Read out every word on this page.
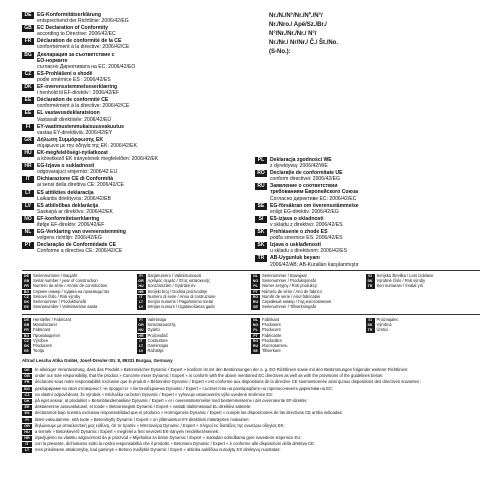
DE	EG-Konformitätserklärung
entsprechend der Richtlinie: 2006/42/EG
GB	EC Declaration of Conformity
according to Directive: 2006/42/EC
FR	Déclaration de conformité de la CE
conformément à la directive: 2006/42/CE
BG	Декларация за съответствие с
ЕО-нормите
съгласно Директивата на ЕС: 2006/42/EO
CZ	ES-Prohlášení o shodě
podle směrnice ES : 2006/42/ES
DK	EF-overensstemmelseserklæring
i henhold til EF-direktiv : 2006/42/EF
EE	Déclaration de conformité CE
conformément à la directive: 2006/42/CE
EE	EL vastavusdeklaratsioon
Vastavalt direktiivile: 2006/42/EÜ
FI	EY-vaatimustenmukaisuusvakuutus
vastaa EY-direktiiviä: 2006/42/EY
GR	Δήλωση Συμμόρφωσης ΕΚ
σύμφωνα με την οδηγία της ΕΚ: 2006/42/ΕΚ
HU	EK-megfelelőségi-nyilatkozat
a következő EK irányelvnek megfelelően: 2006/42/EK
HR	EG-Izjava o sukladnosti
odgovarajući smjernici: 2006/42 EU
IT	Dichiarazione CE di Conformità
ai sensi della direttiva CE: 2006/42/CE
LT	ES atitikties deklaracija
Laikantis direktyvos: 2006/42/EB
LV	ES atbilstības deklarācija
Saskaņā ar direktīvu: 2006/42/EK
NO	EF-konformitetserklæring
ifølge EF-direktiv: 2006/42/EF
NL	EG-Verklaring van overeenstemming
volgens richtlijn: 2006/42/EG
PT	Declaração de Conformidade CE
Conforme a directiva CE: 2006/42/CE
PL	Deklaracja zgodności WE
z dyrektywą: 2006/42/WE
RO	Declarație de conformitate UE
conform directivei: 2006/42/EG
RU	Заявление о соответствии
требованиям Европейского Союза
Согласно директиве ЕС: 2006/42/EC
SE	EG-försäkran om överensstämmelse
enligt EG-direktiv: 2006/42/EG
SI	ES-izjava o skladnosti
v skladu z direktivo: 2006/42/ES
SK	Prehlásenie o zhode ES
podľa smernice ES: 2006/42/ES
SK	Izjava o usklađenosti
u skladu s direktivom: 2006/42/ES
TR	AB-Uygunluk beyanı
2006/42/AB: AB-Kuralları karşılanmıştır
Nr./N./N°/Nr./Nº./N°/
Nr./Nro./ Apё/Sz./Br./
N°/Nr./Nr./Nr./ N°/
Nr./Nr./ Nr/Nr./ Č./ Št./No.
(S-No.):
DE Seriennummer / Baujahr	FI	Sarjanumero / Valmistusvuosi	NL	Serienummer / Bouwjaar	SI	Serijska številka / Leto izdelave
GB Serial number / year of construction	GR Αριθμός σειράς / Έτος κατασκευής	NO Serienummer / Produksjonsår	SK Výrobné číslo / Rok výroby
FR	Numéro de série / Année de construction	HU Sorozatszám / Gyártási év	PL	Numer seryjny / Rok produkcji	TR	Seri numarası / İmalat yılı
BG Сериен номер / година на производство	HR Serijski broj / Godina proizvodnje	PT	Número de série / Ano de fabrico
CZ	Sériové číslo / Rok výroby	IT	Numero di serie / Anno di costruzione	RO Număr de serie / Anul fabricației
DK Serienummer / Produktionsår	LT	Serijos numeris / Pagaminimo metai	RU Серийный номер / Год изготовления
EE	Seerianumber / Valmistamise aasta	LV	Sērijas numurs / Izgatavošanas gads	SE	Serienummer / Tillverkningsår
DE Hersteller / Fabricant	FI	Valmistaja	NL	Fabrikant	SI	Proizvajalec
GB Manufacturer	GR Κατασκευαστής	NO Produsent	SK Výrobca
FR	Fabricant	HU Gyártó	PL	Producent	TR	Üretici
BG Производител	HR Proizvođač	PT	Fabricante
CZ	Výrobce	IT	Costruttore	RO Producător
DK Producent	LT	Gamintojas	RU Изготовитель
EE	Tootja	LV	Ražotājs	SE	Tillverkare
Altrad Lescha Atika GmbH, Josef-Drexler-Str. 8, 89331 Burgau, Germany
DE	In alleiniger Verantwortung, dass das Produkt » Betonmischer Dynamic / Expert « konform ist mit den Bestimmungen der o. g. EG-Richtlinien sowie mit den Bestimmungen folgender weiterer Richtlinien:
GB	under our sole responsibility, that the product » Concrete mixer Dynamic / Expert « is conform with the above mentioned EC directives as well as with the provisions of the guidelines below:
FR	déclarons sous notre responsabilité exclusive que le produit » Bétonnière Dynamic / Expert « est conforme aux dispositions de la directive CE susmentionnée ainsi qu'aux dispositions des directives suivantes :
BG	декларираме на своя отговорност, че продуктът » Бетонобъркачка Dynamic / Expert « съответства на разпоредбите на горепосочените директиви на ЕС:
CZ	na vlastní odpovědnost, že výrobek » Míchačka na beton Dynamic / Expert « vyhovuje ustanovením výše uvedené směrnice ES:
DK	på eget ansvar, at produktet » Betonblandemaskine Dynamic / Expert « er i overensstemmelse med bestemmelserne i det ovennævnte EF-direktiv:
EE	deklareerime ainuvastutusel, et toode » Betoonisegisti Dynamic / Expert « vastab ülalnimetatud EL-direktiivi sätetele:
ES	declaramos bajo nuestra exclusiva responsabilidad que el producto » Hormigonera Dynamic / Expert « cumple las disposiciones de las directivas CE arriba indicadas:
FI	täten vakuutamme, että tuote » Betonimylly Dynamic / Expert « on yllämainitun EY-direktiivin määräysten mukainen:
GR	δηλώνουμε με αποκλειστική μας ευθύνη, ότι το προϊόν » Μπετονιέρα Dynamic / Expert « πληροί τις διατάξεις της ανωτέρω οδηγίας ΕΚ:
HU	a termék » Betonkeverő Dynamic / Expert « megfelel a fent nevezett EK-irányelv rendelkezéseinek:
HR	izjavljujemo na vlastitu odgovornost da je proizvod » Miješalica za beton Dynamic / Expert « sukladan odredbama gore navedene smjernice EU:
IT	con la presente, dichiariamo sotto la nostra responsabilità che il prodotto » Betoniera Dynamic / Expert « è conforme alle disposizioni della direttiva CE:
LT	mes prisiimame atsakomybę, kad gaminys » Betono maišyklė Dynamic / Expert « atitinka aukščiau nurodytų ES direktyvų nuostatas:
